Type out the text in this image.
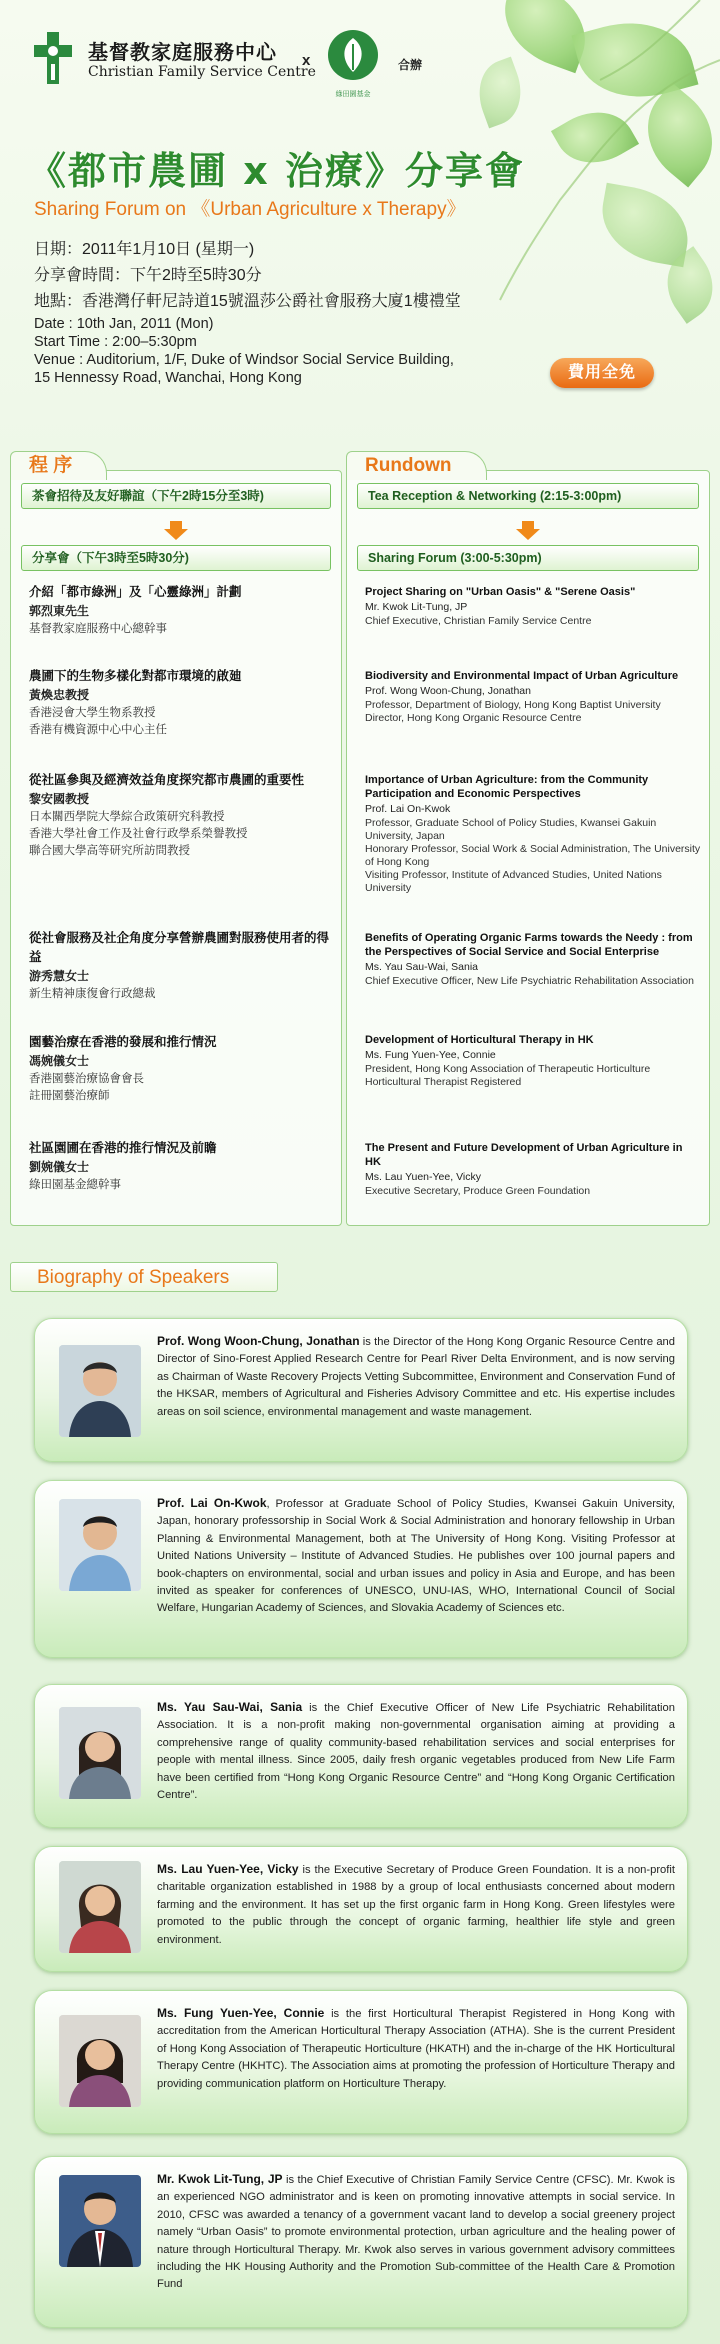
基督教家庭服務中心
Christian Family Service Centre
x
綠田園基金
合辦
《都市農圃 x 治療》分享會
Sharing Forum on 《Urban Agriculture x Therapy》
日期：2011年1月10日 (星期一)
分享會時間：下午2時至5時30分
地點：香港灣仔軒尼詩道15號溫莎公爵社會服務大廈1樓禮堂
Date : 10th Jan, 2011 (Mon)
Start Time : 2:00–5:30pm
Venue : Auditorium, 1/F, Duke of Windsor Social Service Building,
15 Hennessy Road, Wanchai, Hong Kong	費用全免
程 序
茶會招待及友好聯誼（下午2時15分至3時)
分享會（下午3時至5時30分)
介紹「都市綠洲」及「心靈綠洲」計劃
郭烈東先生
基督教家庭服務中心總幹事
農圃下的生物多樣化對都市環境的啟廸
黃煥忠教授
香港浸會大學生物系教授
香港有機資源中心中心主任
從社區參與及經濟效益角度探究都市農圃的重要性
黎安國教授
日本關西學院大學綜合政策研究科教授
香港大學社會工作及社會行政學系榮譽教授
聯合國大學高等研究所訪問教授
從社會服務及社企角度分享營辦農圃對服務使用者的得益
游秀慧女士
新生精神康復會行政總裁
園藝治療在香港的發展和推行情況
馮婉儀女士
香港園藝治療協會會長
註冊園藝治療師
社區園圃在香港的推行情況及前瞻
劉婉儀女士
綠田園基金總幹事
Rundown
Tea Reception & Networking (2:15-3:00pm)
Sharing Forum (3:00-5:30pm)
Project Sharing on "Urban Oasis" & "Serene Oasis"
Mr. Kwok Lit-Tung, JP
Chief Executive, Christian Family Service Centre
Biodiversity and Environmental Impact of Urban Agriculture
Prof. Wong Woon-Chung, Jonathan
Professor, Department of Biology, Hong Kong Baptist University
Director, Hong Kong Organic Resource Centre
Importance of Urban Agriculture: from the Community Participation and Economic Perspectives
Prof. Lai On-Kwok
Professor, Graduate School of Policy Studies, Kwansei Gakuin University, Japan
Honorary Professor, Social Work & Social Administration, The University of Hong Kong
Visiting Professor, Institute of Advanced Studies, United Nations University
Benefits of Operating Organic Farms towards the Needy : from the Perspectives of Social Service and Social Enterprise
Ms. Yau Sau-Wai, Sania
Chief Executive Officer, New Life Psychiatric Rehabilitation Association
Development of Horticultural Therapy in HK
Ms. Fung Yuen-Yee, Connie
President, Hong Kong Association of Therapeutic Horticulture
Horticultural Therapist Registered
The Present and Future Development of Urban Agriculture in HK
Ms. Lau Yuen-Yee, Vicky
Executive Secretary, Produce Green Foundation
Biography of Speakers
Prof. Wong Woon-Chung, Jonathan is the Director of the Hong Kong Organic Resource Centre and Director of Sino-Forest Applied Research Centre for Pearl River Delta Environment, and is now serving as Chairman of Waste Recovery Projects Vetting Subcommittee, Environment and Conservation Fund of the HKSAR, members of Agricultural and Fisheries Advisory Committee and etc. His expertise includes areas on soil science, environmental management and waste management.
Prof. Lai On-Kwok, Professor at Graduate School of Policy Studies, Kwansei Gakuin University, Japan, honorary professorship in Social Work & Social Administration and honorary fellowship in Urban Planning & Environmental Management, both at The University of Hong Kong. Visiting Professor at United Nations University – Institute of Advanced Studies. He publishes over 100 journal papers and book-chapters on environmental, social and urban issues and policy in Asia and Europe, and has been invited as speaker for conferences of UNESCO, UNU-IAS, WHO, International Council of Social Welfare, Hungarian Academy of Sciences, and Slovakia Academy of Sciences etc.
Ms. Yau Sau-Wai, Sania is the Chief Executive Officer of New Life Psychiatric Rehabilitation Association. It is a non-profit making non-governmental organisation aiming at providing a comprehensive range of quality community-based rehabilitation services and social enterprises for people with mental illness. Since 2005, daily fresh organic vegetables produced from New Life Farm have been certified from “Hong Kong Organic Resource Centre” and “Hong Kong Organic Certification Centre”.
Ms. Lau Yuen-Yee, Vicky is the Executive Secretary of Produce Green Foundation. It is a non-profit charitable organization established in 1988 by a group of local enthusiasts concerned about modern farming and the environment. It has set up the first organic farm in Hong Kong. Green lifestyles were promoted to the public through the concept of organic farming, healthier life style and green environment.
Ms. Fung Yuen-Yee, Connie is the first Horticultural Therapist Registered in Hong Kong with accreditation from the American Horticultural Therapy Association (ATHA). She is the current President of Hong Kong Association of Therapeutic Horticulture (HKATH) and the in-charge of the HK Horticultural Therapy Centre (HKHTC). The Association aims at promoting the profession of Horticulture Therapy and providing communication platform on Horticulture Therapy.
Mr. Kwok Lit-Tung, JP is the Chief Executive of Christian Family Service Centre (CFSC). Mr. Kwok is an experienced NGO administrator and is keen on promoting innovative attempts in social service. In 2010, CFSC was awarded a tenancy of a government vacant land to develop a social greenery project namely “Urban Oasis” to promote environmental protection, urban agriculture and the healing power of nature through Horticultural Therapy. Mr. Kwok also serves in various government advisory committees including the HK Housing Authority and the Promotion Sub-committee of the Health Care & Promotion Fund
